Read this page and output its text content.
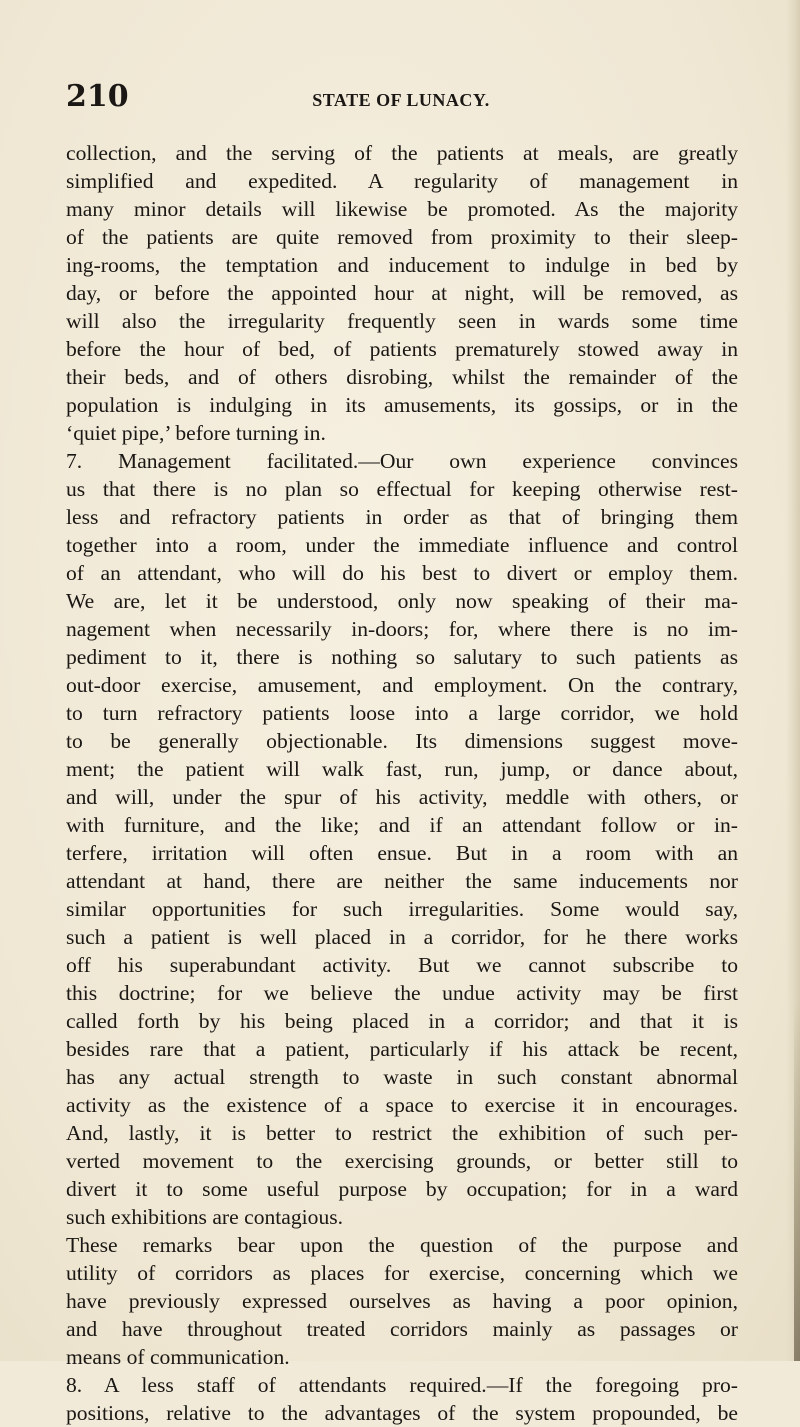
210	STATE OF LUNACY.
collection, and the serving of the patients at meals, are greatly
simplified and expedited. A regularity of management in
many minor details will likewise be promoted. As the majority
of the patients are quite removed from proximity to their sleep-
ing-rooms, the temptation and inducement to indulge in bed by
day, or before the appointed hour at night, will be removed, as
will also the irregularity frequently seen in wards some time
before the hour of bed, of patients prematurely stowed away in
their beds, and of others disrobing, whilst the remainder of the
population is indulging in its amusements, its gossips, or in the
‘quiet pipe,’ before turning in.
7. Management facilitated.—Our own experience convinces
us that there is no plan so effectual for keeping otherwise rest-
less and refractory patients in order as that of bringing them
together into a room, under the immediate influence and control
of an attendant, who will do his best to divert or employ them.
We are, let it be understood, only now speaking of their ma-
nagement when necessarily in-doors; for, where there is no im-
pediment to it, there is nothing so salutary to such patients as
out-door exercise, amusement, and employment. On the contrary,
to turn refractory patients loose into a large corridor, we hold
to be generally objectionable. Its dimensions suggest move-
ment; the patient will walk fast, run, jump, or dance about,
and will, under the spur of his activity, meddle with others, or
with furniture, and the like; and if an attendant follow or in-
terfere, irritation will often ensue. But in a room with an
attendant at hand, there are neither the same inducements nor
similar opportunities for such irregularities. Some would say,
such a patient is well placed in a corridor, for he there works
off his superabundant activity. But we cannot subscribe to
this doctrine; for we believe the undue activity may be first
called forth by his being placed in a corridor; and that it is
besides rare that a patient, particularly if his attack be recent,
has any actual strength to waste in such constant abnormal
activity as the existence of a space to exercise it in encourages.
And, lastly, it is better to restrict the exhibition of such per-
verted movement to the exercising grounds, or better still to
divert it to some useful purpose by occupation; for in a ward
such exhibitions are contagious.
These remarks bear upon the question of the purpose and
utility of corridors as places for exercise, concerning which we
have previously expressed ourselves as having a poor opinion,
and have throughout treated corridors mainly as passages or
means of communication.
8. A less staff of attendants required.—If the foregoing pro-
positions, relative to the advantages of the system propounded, be
